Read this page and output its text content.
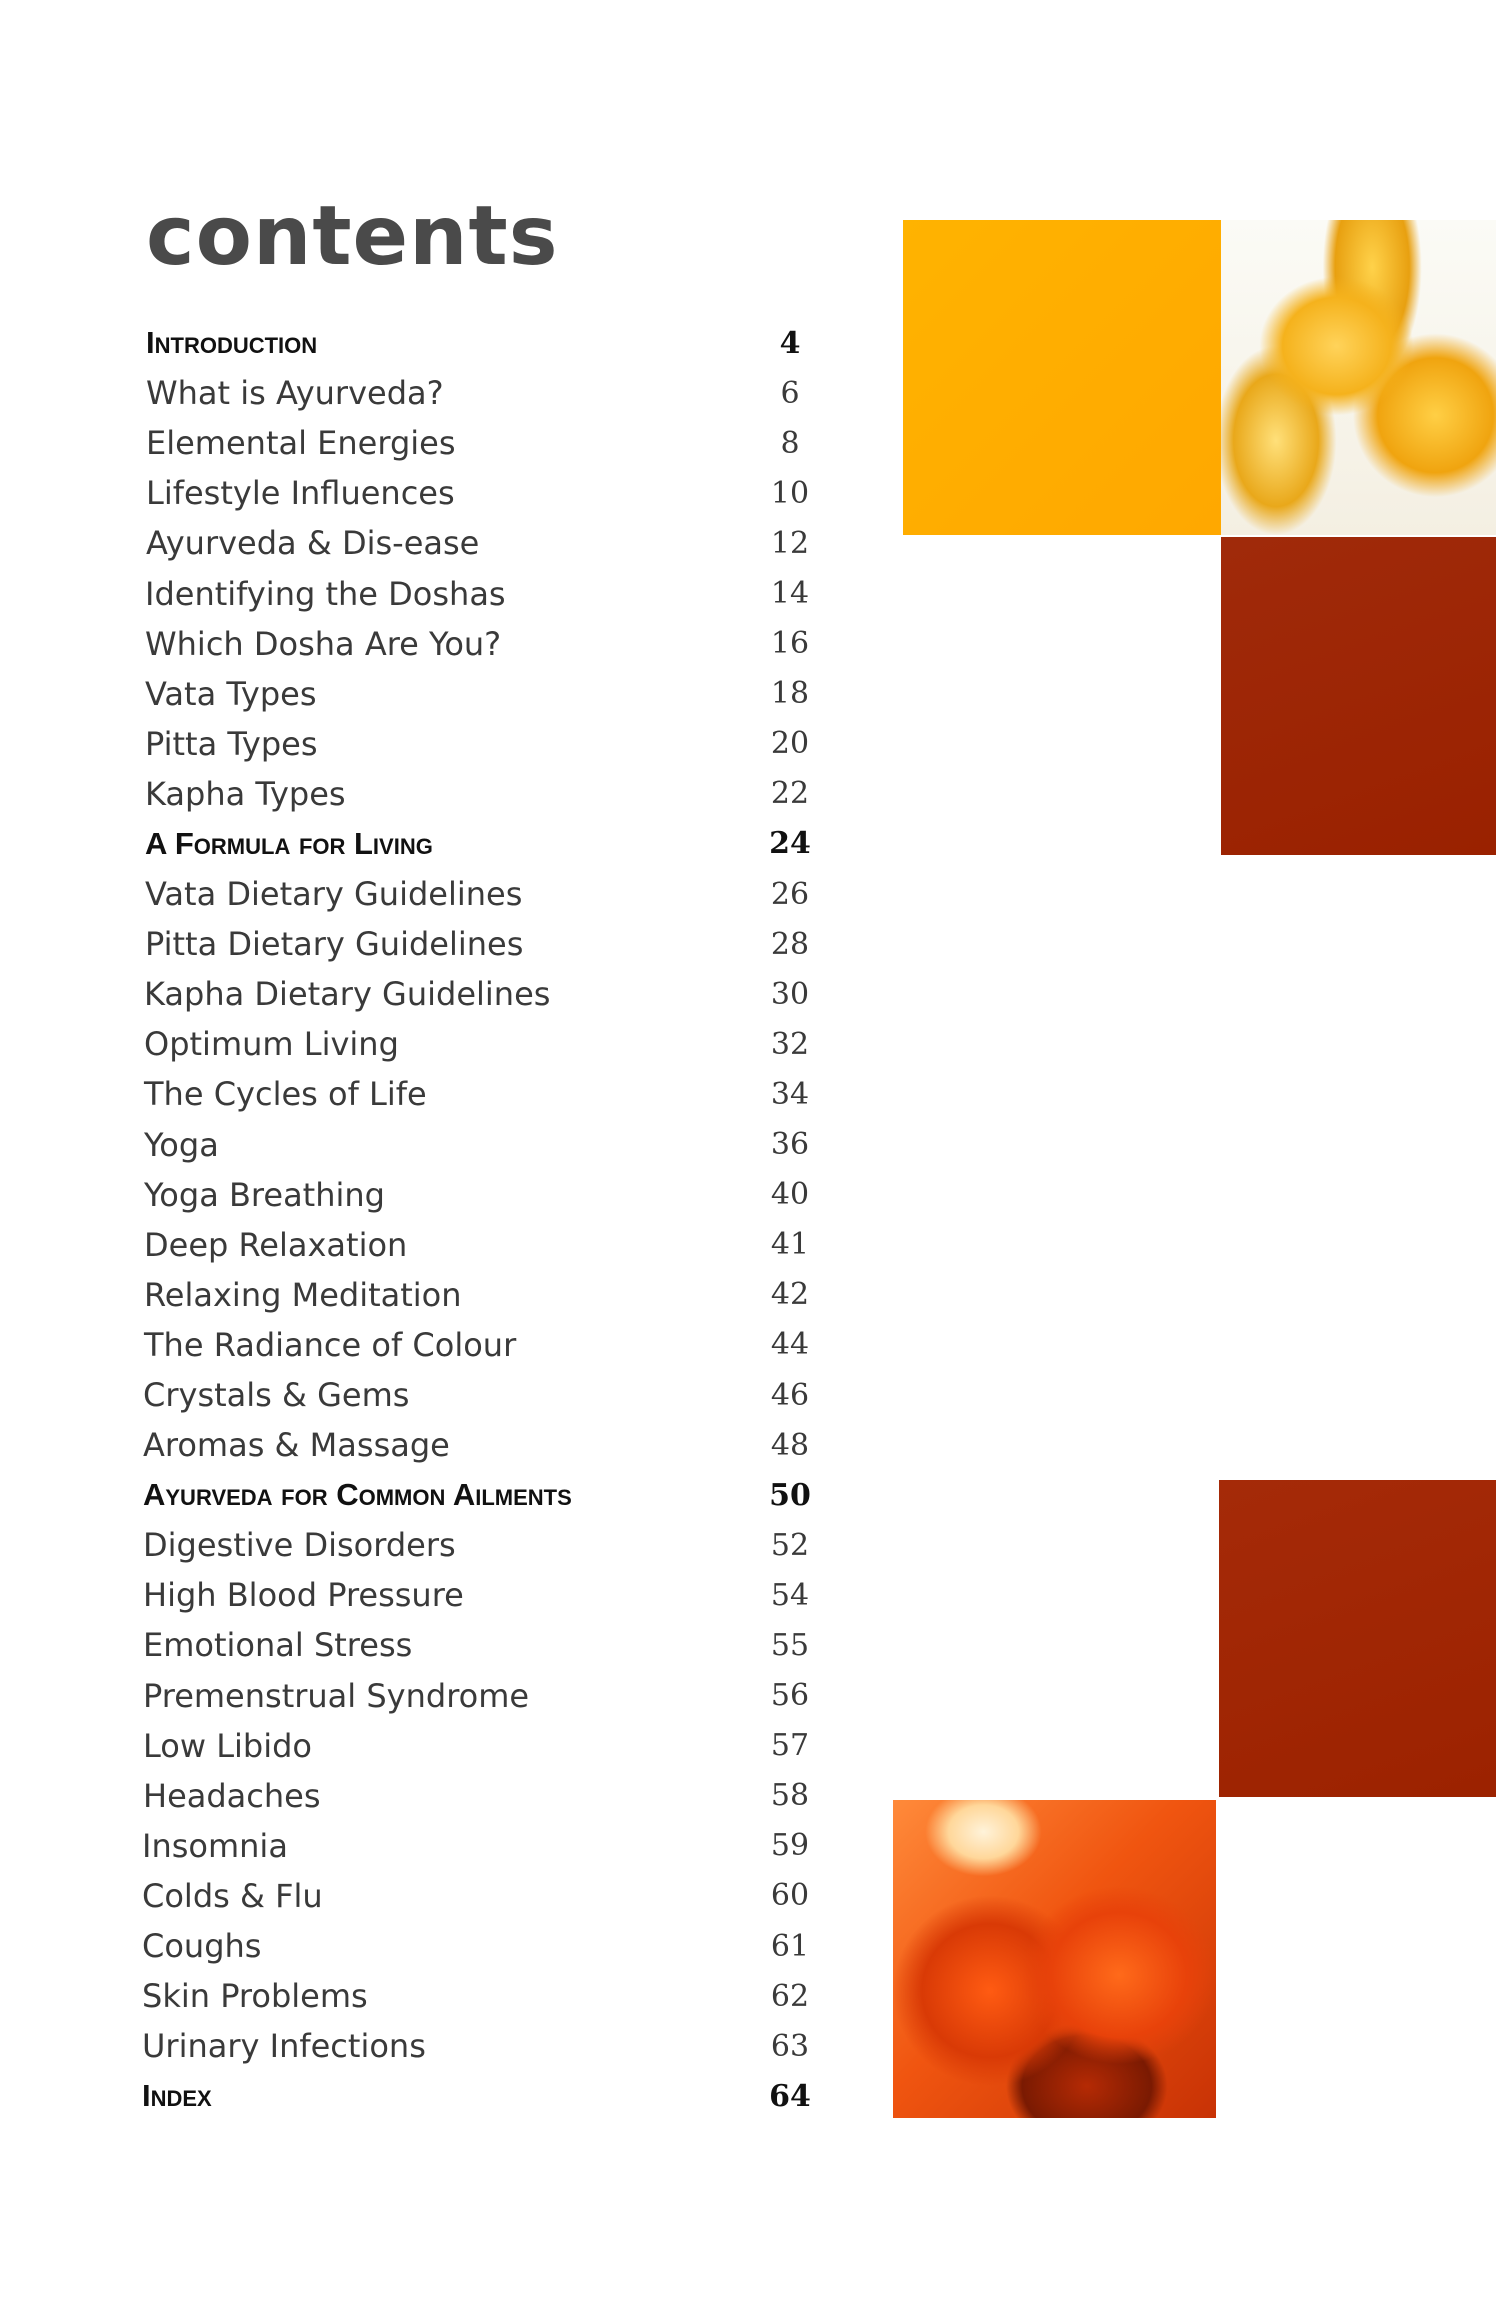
contents
Introduction	4
What is Ayurveda?	6
Elemental Energies	8
Lifestyle Influences	10
Ayurveda & Dis-ease	12
Identifying the Doshas	14
Which Dosha Are You?	16
Vata Types	18
Pitta Types	20
Kapha Types	22
A Formula for Living	24
Vata Dietary Guidelines	26
Pitta Dietary Guidelines	28
Kapha Dietary Guidelines	30
Optimum Living	32
The Cycles of Life	34
Yoga	36
Yoga Breathing	40
Deep Relaxation	41
Relaxing Meditation	42
The Radiance of Colour	44
Crystals & Gems	46
Aromas & Massage	48
Ayurveda for Common Ailments	50
Digestive Disorders	52
High Blood Pressure	54
Emotional Stress	55
Premenstrual Syndrome	56
Low Libido	57
Headaches	58
Insomnia	59
Colds & Flu	60
Coughs	61
Skin Problems	62
Urinary Infections	63
Index	64
